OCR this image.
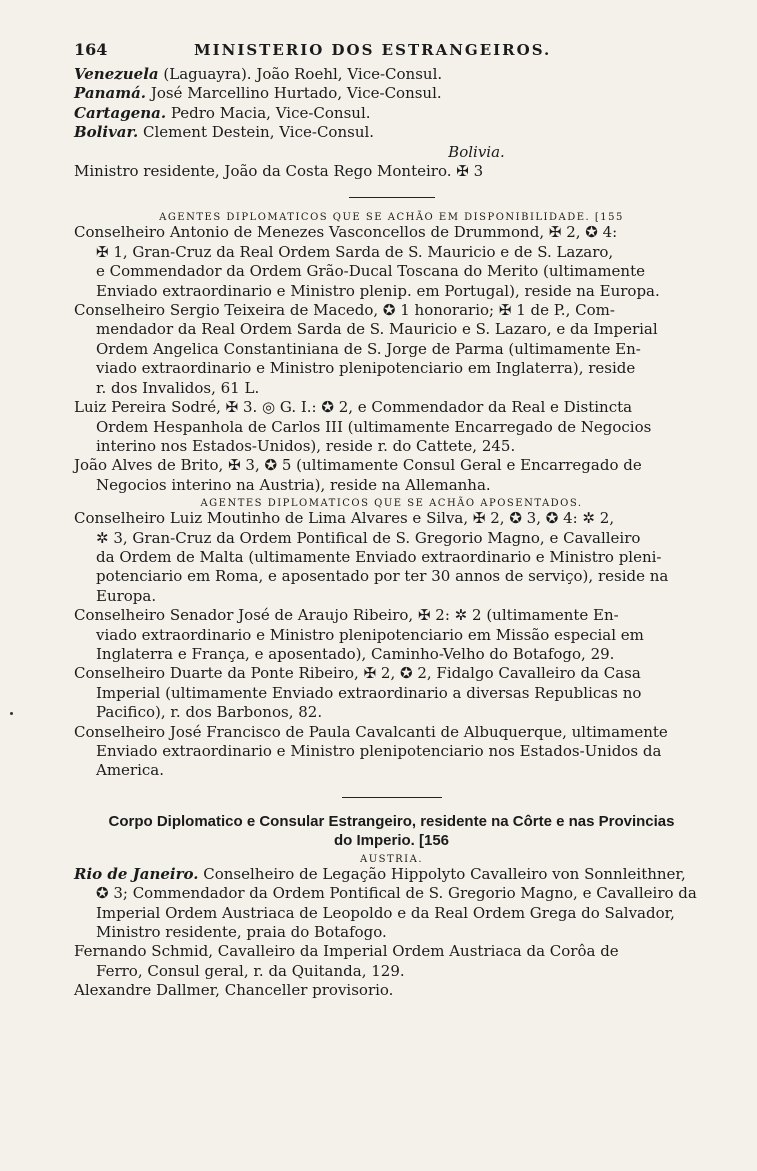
164	MINISTERIO DOS ESTRANGEIROS.
Venezuela (Laguayra). João Roehl, Vice-Consul.
Panamá. José Marcellino Hurtado, Vice-Consul.
Cartagena. Pedro Macia, Vice-Consul.
Bolivar. Clement Destein, Vice-Consul.
Bolivia.
Ministro residente, João da Costa Rego Monteiro. ✠ 3
AGENTES DIPLOMATICOS QUE SE ACHÃO EM DISPONIBILIDADE. [155
Conselheiro Antonio de Menezes Vasconcellos de Drummond, ✠ 2, ✪ 4:
✠ 1, Gran-Cruz da Real Ordem Sarda de S. Mauricio e de S. Lazaro,
e Commendador da Ordem Grão-Ducal Toscana do Merito (ultimamente
Enviado extraordinario e Ministro plenip. em Portugal), reside na Europa.
Conselheiro Sergio Teixeira de Macedo, ✪ 1 honorario; ✠ 1 de P., Com-
mendador da Real Ordem Sarda de S. Mauricio e S. Lazaro, e da Imperial
Ordem Angelica Constantiniana de S. Jorge de Parma (ultimamente En-
viado extraordinario e Ministro plenipotenciario em Inglaterra), reside
r. dos Invalidos, 61 L.
Luiz Pereira Sodré, ✠ 3. ◎ G. I.: ✪ 2, e Commendador da Real e Distincta
Ordem Hespanhola de Carlos III (ultimamente Encarregado de Negocios
interino nos Estados-Unidos), reside r. do Cattete, 245.
João Alves de Brito, ✠ 3, ✪ 5 (ultimamente Consul Geral e Encarregado de
Negocios interino na Austria), reside na Allemanha.
AGENTES DIPLOMATICOS QUE SE ACHÃO APOSENTADOS.
Conselheiro Luiz Moutinho de Lima Alvares e Silva, ✠ 2, ✪ 3, ✪ 4: ✲ 2,
✲ 3, Gran-Cruz da Ordem Pontifical de S. Gregorio Magno, e Cavalleiro
da Ordem de Malta (ultimamente Enviado extraordinario e Ministro pleni-
potenciario em Roma, e aposentado por ter 30 annos de serviço), reside na
Europa.
Conselheiro Senador José de Araujo Ribeiro, ✠ 2: ✲ 2 (ultimamente En-
viado extraordinario e Ministro plenipotenciario em Missão especial em
Inglaterra e França, e aposentado), Caminho-Velho do Botafogo, 29.
Conselheiro Duarte da Ponte Ribeiro, ✠ 2, ✪ 2, Fidalgo Cavalleiro da Casa
Imperial (ultimamente Enviado extraordinario a diversas Republicas no
Pacifico), r. dos Barbonos, 82.
Conselheiro José Francisco de Paula Cavalcanti de Albuquerque, ultimamente
Enviado extraordinario e Ministro plenipotenciario nos Estados-Unidos da
America.
Corpo Diplomatico e Consular Estrangeiro, residente na Côrte e nas Provincias
do Imperio. [156
AUSTRIA.
Rio de Janeiro. Conselheiro de Legação Hippolyto Cavalleiro von Sonnleithner,
✪ 3; Commendador da Ordem Pontifical de S. Gregorio Magno, e Cavalleiro da
Imperial Ordem Austriaca de Leopoldo e da Real Ordem Grega do Salvador,
Ministro residente, praia do Botafogo.
Fernando Schmid, Cavalleiro da Imperial Ordem Austriaca da Corôa de
Ferro, Consul geral, r. da Quitanda, 129.
Alexandre Dallmer, Chanceller provisorio.
